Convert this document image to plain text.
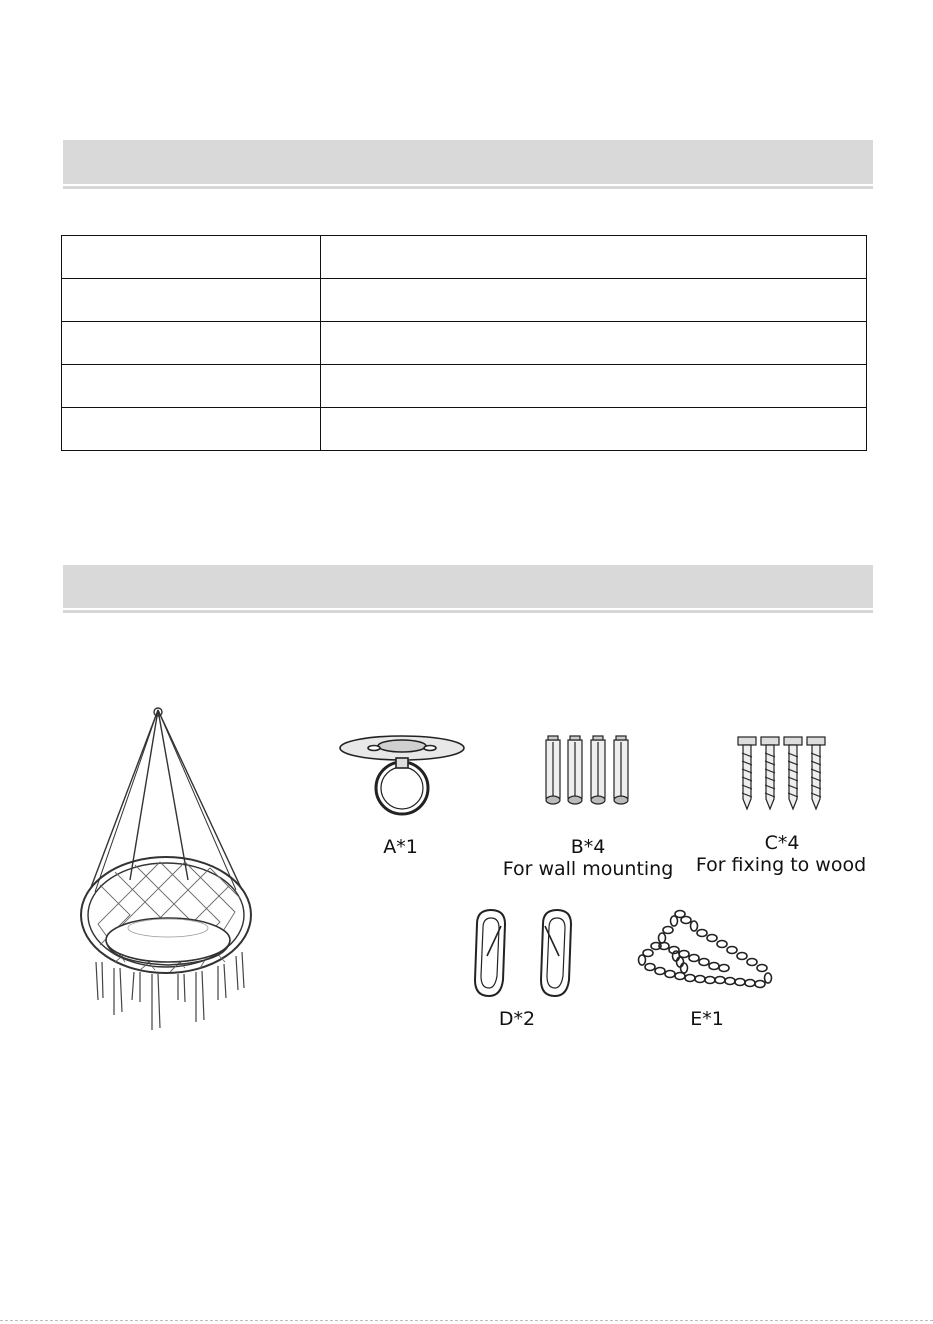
A*1	B*4
For wall mounting
C*4
For fixing to wood
D*2	E*1
